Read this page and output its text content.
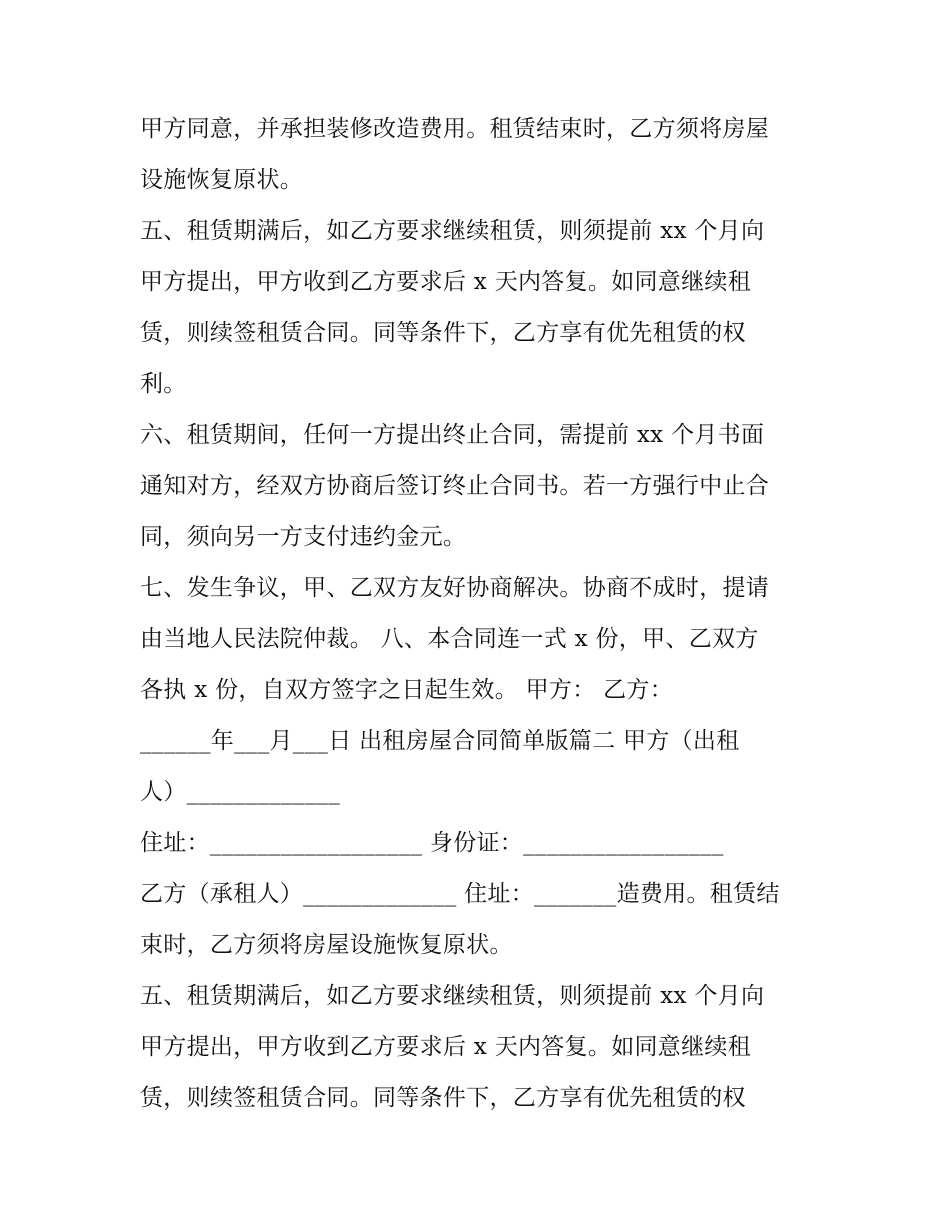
甲方同意，并承担装修改造费用。租赁结束时，乙方须将房屋
设施恢复原状。
五、租赁期满后，如乙方要求继续租赁，则须提前 xx 个月向
甲方提出，甲方收到乙方要求后 x 天内答复。如同意继续租
赁，则续签租赁合同。同等条件下，乙方享有优先租赁的权
利。
六、租赁期间，任何一方提出终止合同，需提前 xx 个月书面
通知对方，经双方协商后签订终止合同书。若一方强行中止合
同，须向另一方支付违约金元。
七、发生争议，甲、乙双方友好协商解决。协商不成时，提请
由当地人民法院仲裁。 八、本合同连一式 x 份，甲、乙双方
各执 x 份，自双方签字之日起生效。 甲方： 乙方：
______年___月___日 出租房屋合同简单版篇二 甲方（出租
人）_____________
住址：__________________ 身份证：_________________
乙方（承租人）_____________ 住址：_______造费用。租赁结
束时，乙方须将房屋设施恢复原状。
五、租赁期满后，如乙方要求继续租赁，则须提前 xx 个月向
甲方提出，甲方收到乙方要求后 x 天内答复。如同意继续租
赁，则续签租赁合同。同等条件下，乙方享有优先租赁的权
